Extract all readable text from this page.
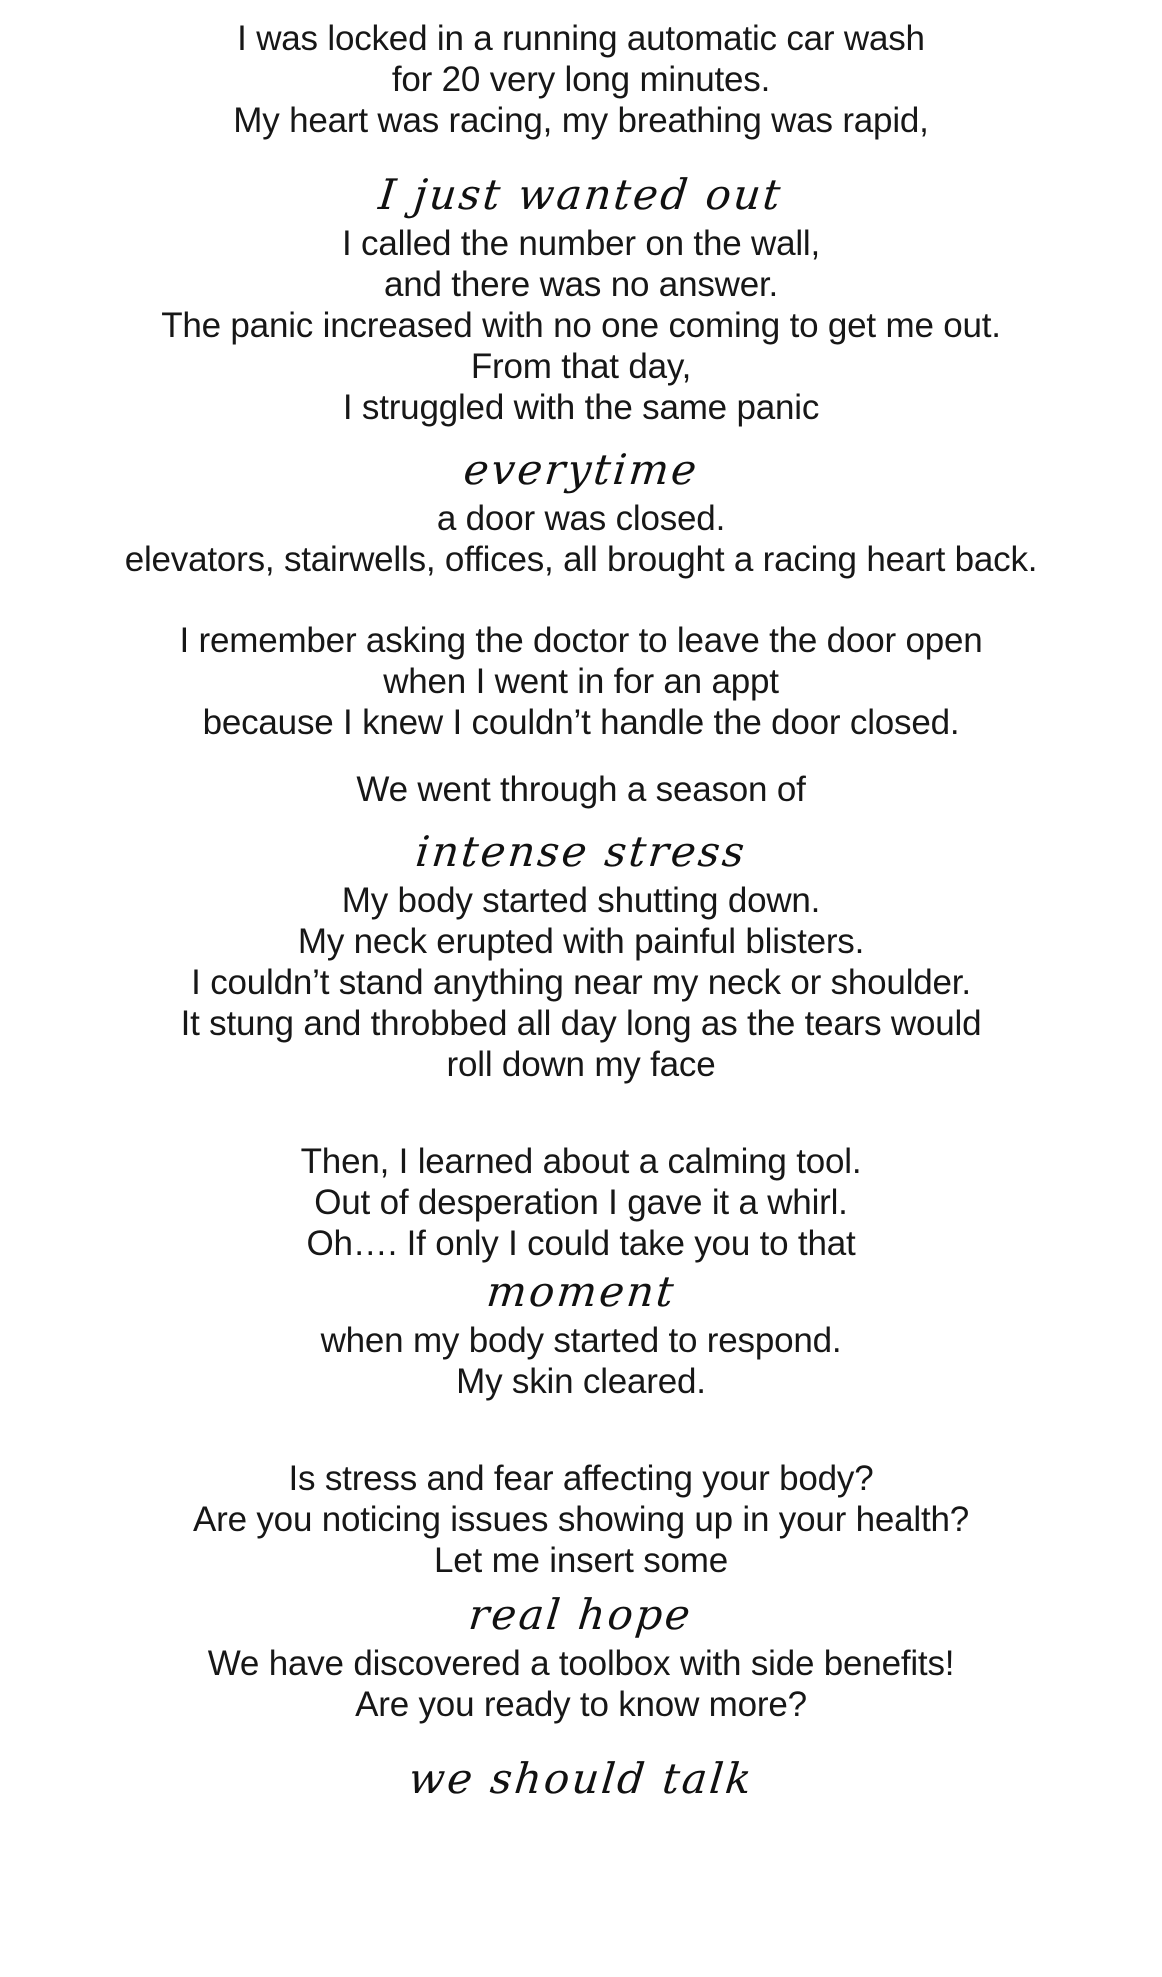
I was locked in a running automatic car wash
for 20 very long minutes.
My heart was racing, my breathing was rapid,
I just wanted out
I called the number on the wall,
and there was no answer.
The panic increased with no one coming to get me out.
From that day,
I struggled with the same panic
everytime
a door was closed.
elevators, stairwells, offices, all brought a racing heart back.
I remember asking the doctor to leave the door open
when I went in for an appt
because I knew I couldn’t handle the door closed.
We went through a season of
intense stress
My body started shutting down.
My neck erupted with painful blisters.
I couldn’t stand anything near my neck or shoulder.
It stung and throbbed all day long as the tears would
roll down my face
Then, I learned about a calming tool.
Out of desperation I gave it a whirl.
Oh…. If only I could take you to that
moment
when my body started to respond.
My skin cleared.
Is stress and fear affecting your body?
Are you noticing issues showing up in your health?
Let me insert some
real hope
We have discovered a toolbox with side benefits!
Are you ready to know more?
we should talk
